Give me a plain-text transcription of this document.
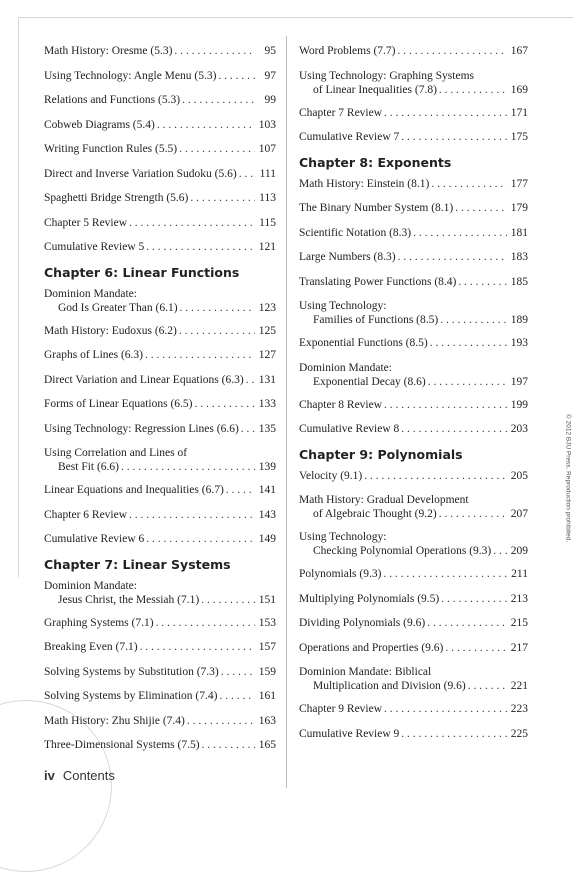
Math History: Oresme (5.3) . . .	95
Using Technology: Angle Menu (5.3) . . .	97
Relations and Functions (5.3) . . .	99
Cobweb Diagrams (5.4) . . .	103
Writing Function Rules (5.5) . . .	107
Direct and Inverse Variation Sudoku (5.6) . . .	111
Spaghetti Bridge Strength (5.6) . . .	113
Chapter 5 Review . . .	115
Cumulative Review 5 . . .	121
Chapter 6: Linear Functions
Dominion Mandate:
God Is Greater Than (6.1) . . .	123
Math History: Eudoxus (6.2) . . .	125
Graphs of Lines (6.3) . . .	127
Direct Variation and Linear Equations (6.3) . . . 131
Forms of Linear Equations (6.5) . . .	133
Using Technology: Regression Lines (6.6) . . . 135
Using Correlation and Lines of
Best Fit (6.6) . . .	139
Linear Equations and Inequalities (6.7) . . .	141
Chapter 6 Review . . .	143
Cumulative Review 6 . . .	149
Chapter 7: Linear Systems
Dominion Mandate:
Jesus Christ, the Messiah (7.1) . . .	151
Graphing Systems (7.1) . . .	153
Breaking Even (7.1) . . .	157
Solving Systems by Substitution (7.3) . . .	159
Solving Systems by Elimination (7.4) . . .	161
Math History: Zhu Shijie (7.4) . . .	163
Three-Dimensional Systems (7.5) . . .	165
Word Problems (7.7) . . .	167
Using Technology: Graphing Systems
of Linear Inequalities (7.8) . . .	169
Chapter 7 Review . . .	171
Cumulative Review 7 . . .	175
Chapter 8: Exponents
Math History: Einstein (8.1) . . .	177
The Binary Number System (8.1) . . .	179
Scientific Notation (8.3) . . .	181
Large Numbers (8.3) . . .	183
Translating Power Functions (8.4) . . .	185
Using Technology:
Families of Functions (8.5) . . .	189
Exponential Functions (8.5) . . .	193
Dominion Mandate:
Exponential Decay (8.6) . . .	197
Chapter 8 Review . . .	199
Cumulative Review 8 . . .	203
Chapter 9: Polynomials
Velocity (9.1) . . .	205
Math History: Gradual Development
of Algebraic Thought (9.2) . . .	207
Using Technology:
Checking Polynomial Operations (9.3) . . . 209
Polynomials (9.3) . . .	211
Multiplying Polynomials (9.5) . . .	213
Dividing Polynomials (9.6) . . .	215
Operations and Properties (9.6) . . .	217
Dominion Mandate: Biblical
Multiplication and Division (9.6) . . .	221
Chapter 9 Review . . .	223
Cumulative Review 9 . . .	225
iv Contents
© 2012 BJU Press. Reproduction prohibited.
